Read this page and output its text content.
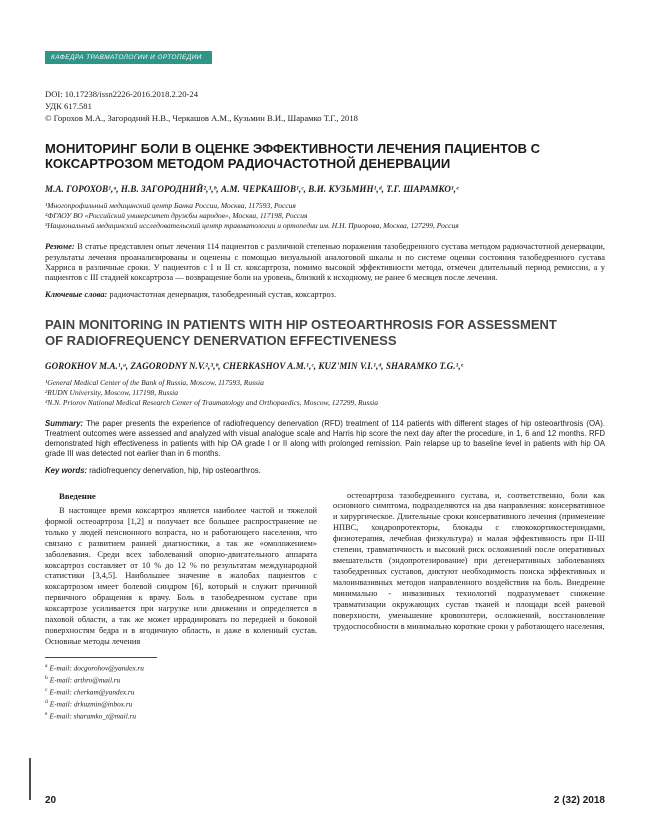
КАФЕДРА ТРАВМАТОЛОГИИ И ОРТОПЕДИИ
DOI: 10.17238/issn2226-2016.2018.2.20-24
УДК 617.581
© Горохов М.А., Загородний Н.В., Черкашов А.М., Кузьмин В.И., Шарамко Т.Г., 2018
МОНИТОРИНГ БОЛИ В ОЦЕНКЕ ЭФФЕКТИВНОСТИ ЛЕЧЕНИЯ ПАЦИЕНТОВ С КОКСАРТРОЗОМ МЕТОДОМ РАДИОЧАСТОТНОЙ ДЕНЕРВАЦИИ
М.А. ГОРОХОВ¹,ᵃ, Н.В. ЗАГОРОДНИЙ²,³,ᵇ, А.М. ЧЕРКАШОВ¹,ᶜ, В.И. КУЗЬМИН¹,ᵈ, Т.Г. ШАРАМКО¹,ᵉ
¹Многопрофильный медицинский центр Банка России, Москва, 117593, Россия
²ФГАОУ ВО «Российский университет дружбы народов», Москва, 117198, Россия
³Национальный медицинский исследовательский центр травматологии и ортопедии им. Н.Н. Приорова, Москва, 127299, Россия

Резюме: В статье представлен опыт лечения 114 пациентов с различной степенью поражения тазобедренного сустава методом радиочастотной денервации, результаты лечения проанализированы и оценены с помощью визуальной аналоговой шкалы и по системе оценки состояния тазобедренного сустава Харриса в различные сроки. У пациентов с I и II ст. коксартроза, помимо высокой эффективности метода, отмечен длительный период ремиссии, а у пациентов с III стадией коксартроза — возвращение боли на уровень, близкий к исходному, не ранее 6 месяцев после лечения.

Ключевые слова: радиочастотная денервация, тазобедренный сустав, коксартроз.

PAIN MONITORING IN PATIENTS WITH HIP OSTEOARTHROSIS FOR ASSESSMENT OF RADIOFREQUENCY DENERVATION EFFECTIVENESS
GOROKHOV M.A.¹,ᵃ, ZAGORODNY N.V.²,³,ᵇ, CHERKASHOV A.M.¹,ᶜ, KUZ'MIN V.I.¹,ᵈ, SHARAMKO T.G.¹,ᵉ
¹General Medical Center of the Bank of Russia, Moscow, 117593, Russia
²RUDN University, Moscow, 117198, Russia
³N.N. Priorov National Medical Research Center of Traumatology and Orthopaedics, Moscow, 127299, Russia

Summary: The paper presents the experience of radiofrequency denervation (RFD) treatment of 114 patients with different stages of hip osteoarthrosis (OA). Treatment outcomes were assessed and analyzed with visual analogue scale and Harris hip score the next day after the procedure, in 1, 6 and 12 months. RFD demonstrated high effectiveness in patients with hip OA grade I or II along with prolonged remission. Pain relapse up to baseline level in patients with hip OA grade III was detected not earlier than in 6 months.

Key words: radiofrequency denervation, hip, hip osteoarthros.

Введение

В настоящее время коксартроз является наиболее частой и тяжелой формой остеоартроза [1,2] и получает все большее распространение не только у людей пенсионного возраста, но и работающего населения, что связано с развитием ранней диагностики, а так же «омоложением» заболевания. Среди всех заболеваний опорно-двигательного аппарата коксартроз составляет от 10 % до 12 % по результатам международной статистики [3,4,5]. Наибольшее значение в жалобах пациентов с коксартрозом имеет болевой синдром [6], который и служит причиной первичного обращения к врачу. Боль в тазобедренном суставе при коксартрозе усиливается при нагрузке или движении и определяется в паховой области, а так же может иррадиировать по передней и боковой поверхностям бедра и в ягодичную область, и даже в коленный сустав. Основные методы лечения

$^a$ E-mail: docgorohov@yandex.ru
$^b$ E-mail: arthro@mail.ru
$^c$ E-mail: cherkam@yandex.ru
$^d$ E-mail: drkuzmin@inbox.ru
$^e$ E-mail: sharamko_t@mail.ru

остеоартроза тазобедренного сустава, и, соответственно, боли как основного симптома, подразделяются на два направления: консервативное и хирургическое. Длительные сроки консервативного лечения (применение НПВС, хондропротекторы, блокады с глюкокортикостероидами, физиотерапия, лечебная физкультура) и малая эффективность при II-III степени, травматичность и высокий риск осложнений после оперативных вмешательств (эндопротезирование) при дегенеративных заболеваниях тазобедренных суставов, диктуют необходимость поиска эффективных и малоинвазивных методов направленного воздействия на боль. Внедрение минимально - инвазивных технологий подразумевает снижение травматизации окружающих сустав тканей и площади всей раневой поверхности, уменьшение кровопотери, осложнений, восстановление трудоспособности в минимально короткие сроки у работающего населения,

20	2 (32) 2018
